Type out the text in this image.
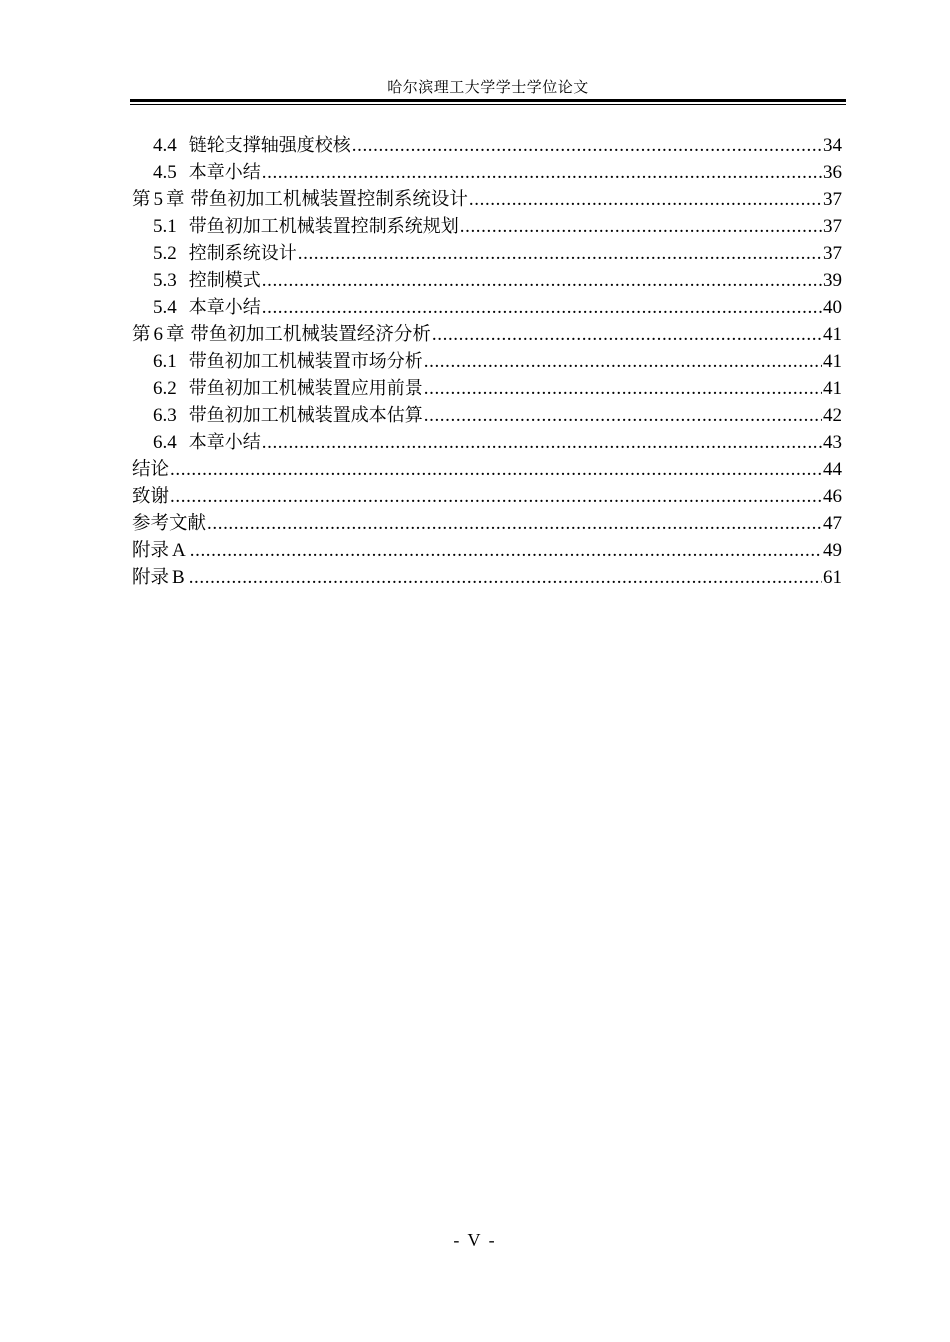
哈尔滨理工大学学士学位论文
4.4 链轮支撑轴强度校核 .....	34
4.5 本章小结 .....	36
第 5 章 带鱼初加工机械装置控制系统设计 .....	37
5.1 带鱼初加工机械装置控制系统规划 .....	37
5.2 控制系统设计 .....	37
5.3 控制模式 .....	39
5.4 本章小结 .....	40
第 6 章 带鱼初加工机械装置经济分析 .....	41
6.1 带鱼初加工机械装置市场分析 .....	41
6.2 带鱼初加工机械装置应用前景 .....	41
6.3 带鱼初加工机械装置成本估算 .....	42
6.4 本章小结 .....	43
结论 .....	44
致谢 .....	46
参考文献 .....	47
附录 A .....	49
附录 B .....	61
- V -
